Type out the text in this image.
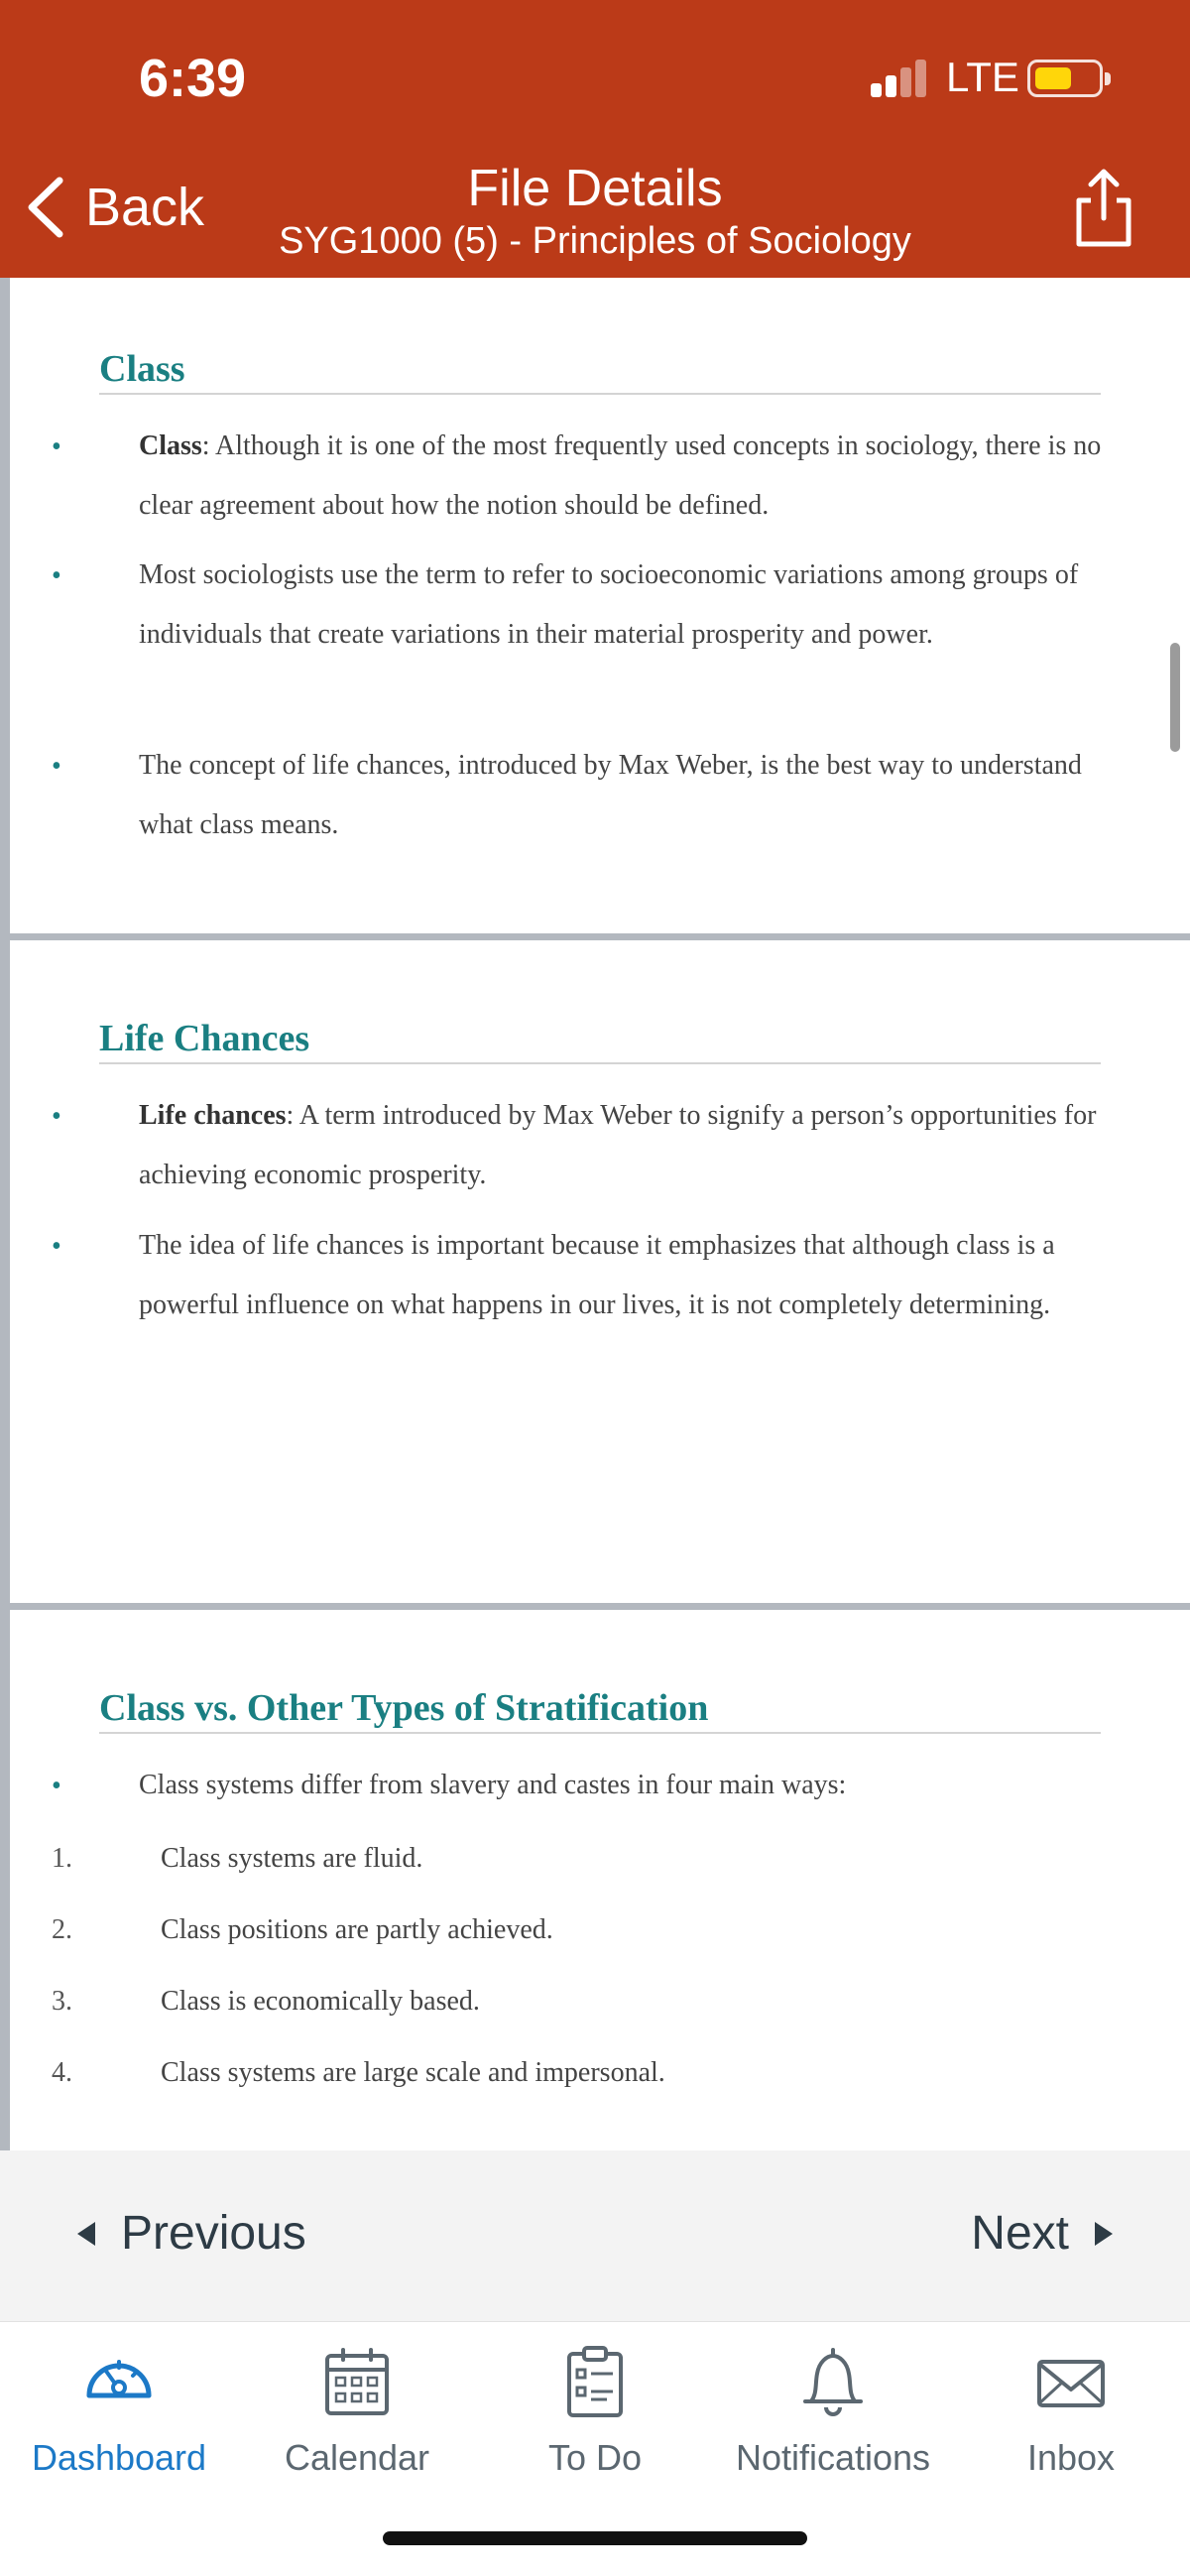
6:39	LTE
Back	File Details
SYG1000 (5) - Principles of Sociology
Class
•	Class: Although it is one of the most frequently used concepts in sociology, there is no clear agreement about how the notion should be defined.
•	Most sociologists use the term to refer to socioeconomic variations among groups of individuals that create variations in their material prosperity and power.
•	The concept of life chances, introduced by Max Weber, is the best way to understand what class means.
Life Chances
•	Life chances: A term introduced by Max Weber to signify a person’s opportunities for achieving economic prosperity.
•	The idea of life chances is important because it emphasizes that although class is a powerful influence on what happens in our lives, it is not completely determining.
Class vs. Other Types of Stratification
•	Class systems differ from slavery and castes in four main ways:
1.	Class systems are fluid.
2.	Class positions are partly achieved.
3.	Class is economically based.
4.	Class systems are large scale and impersonal.
Previous	Next
Dashboard	Calendar	To Do	Notifications	Inbox
